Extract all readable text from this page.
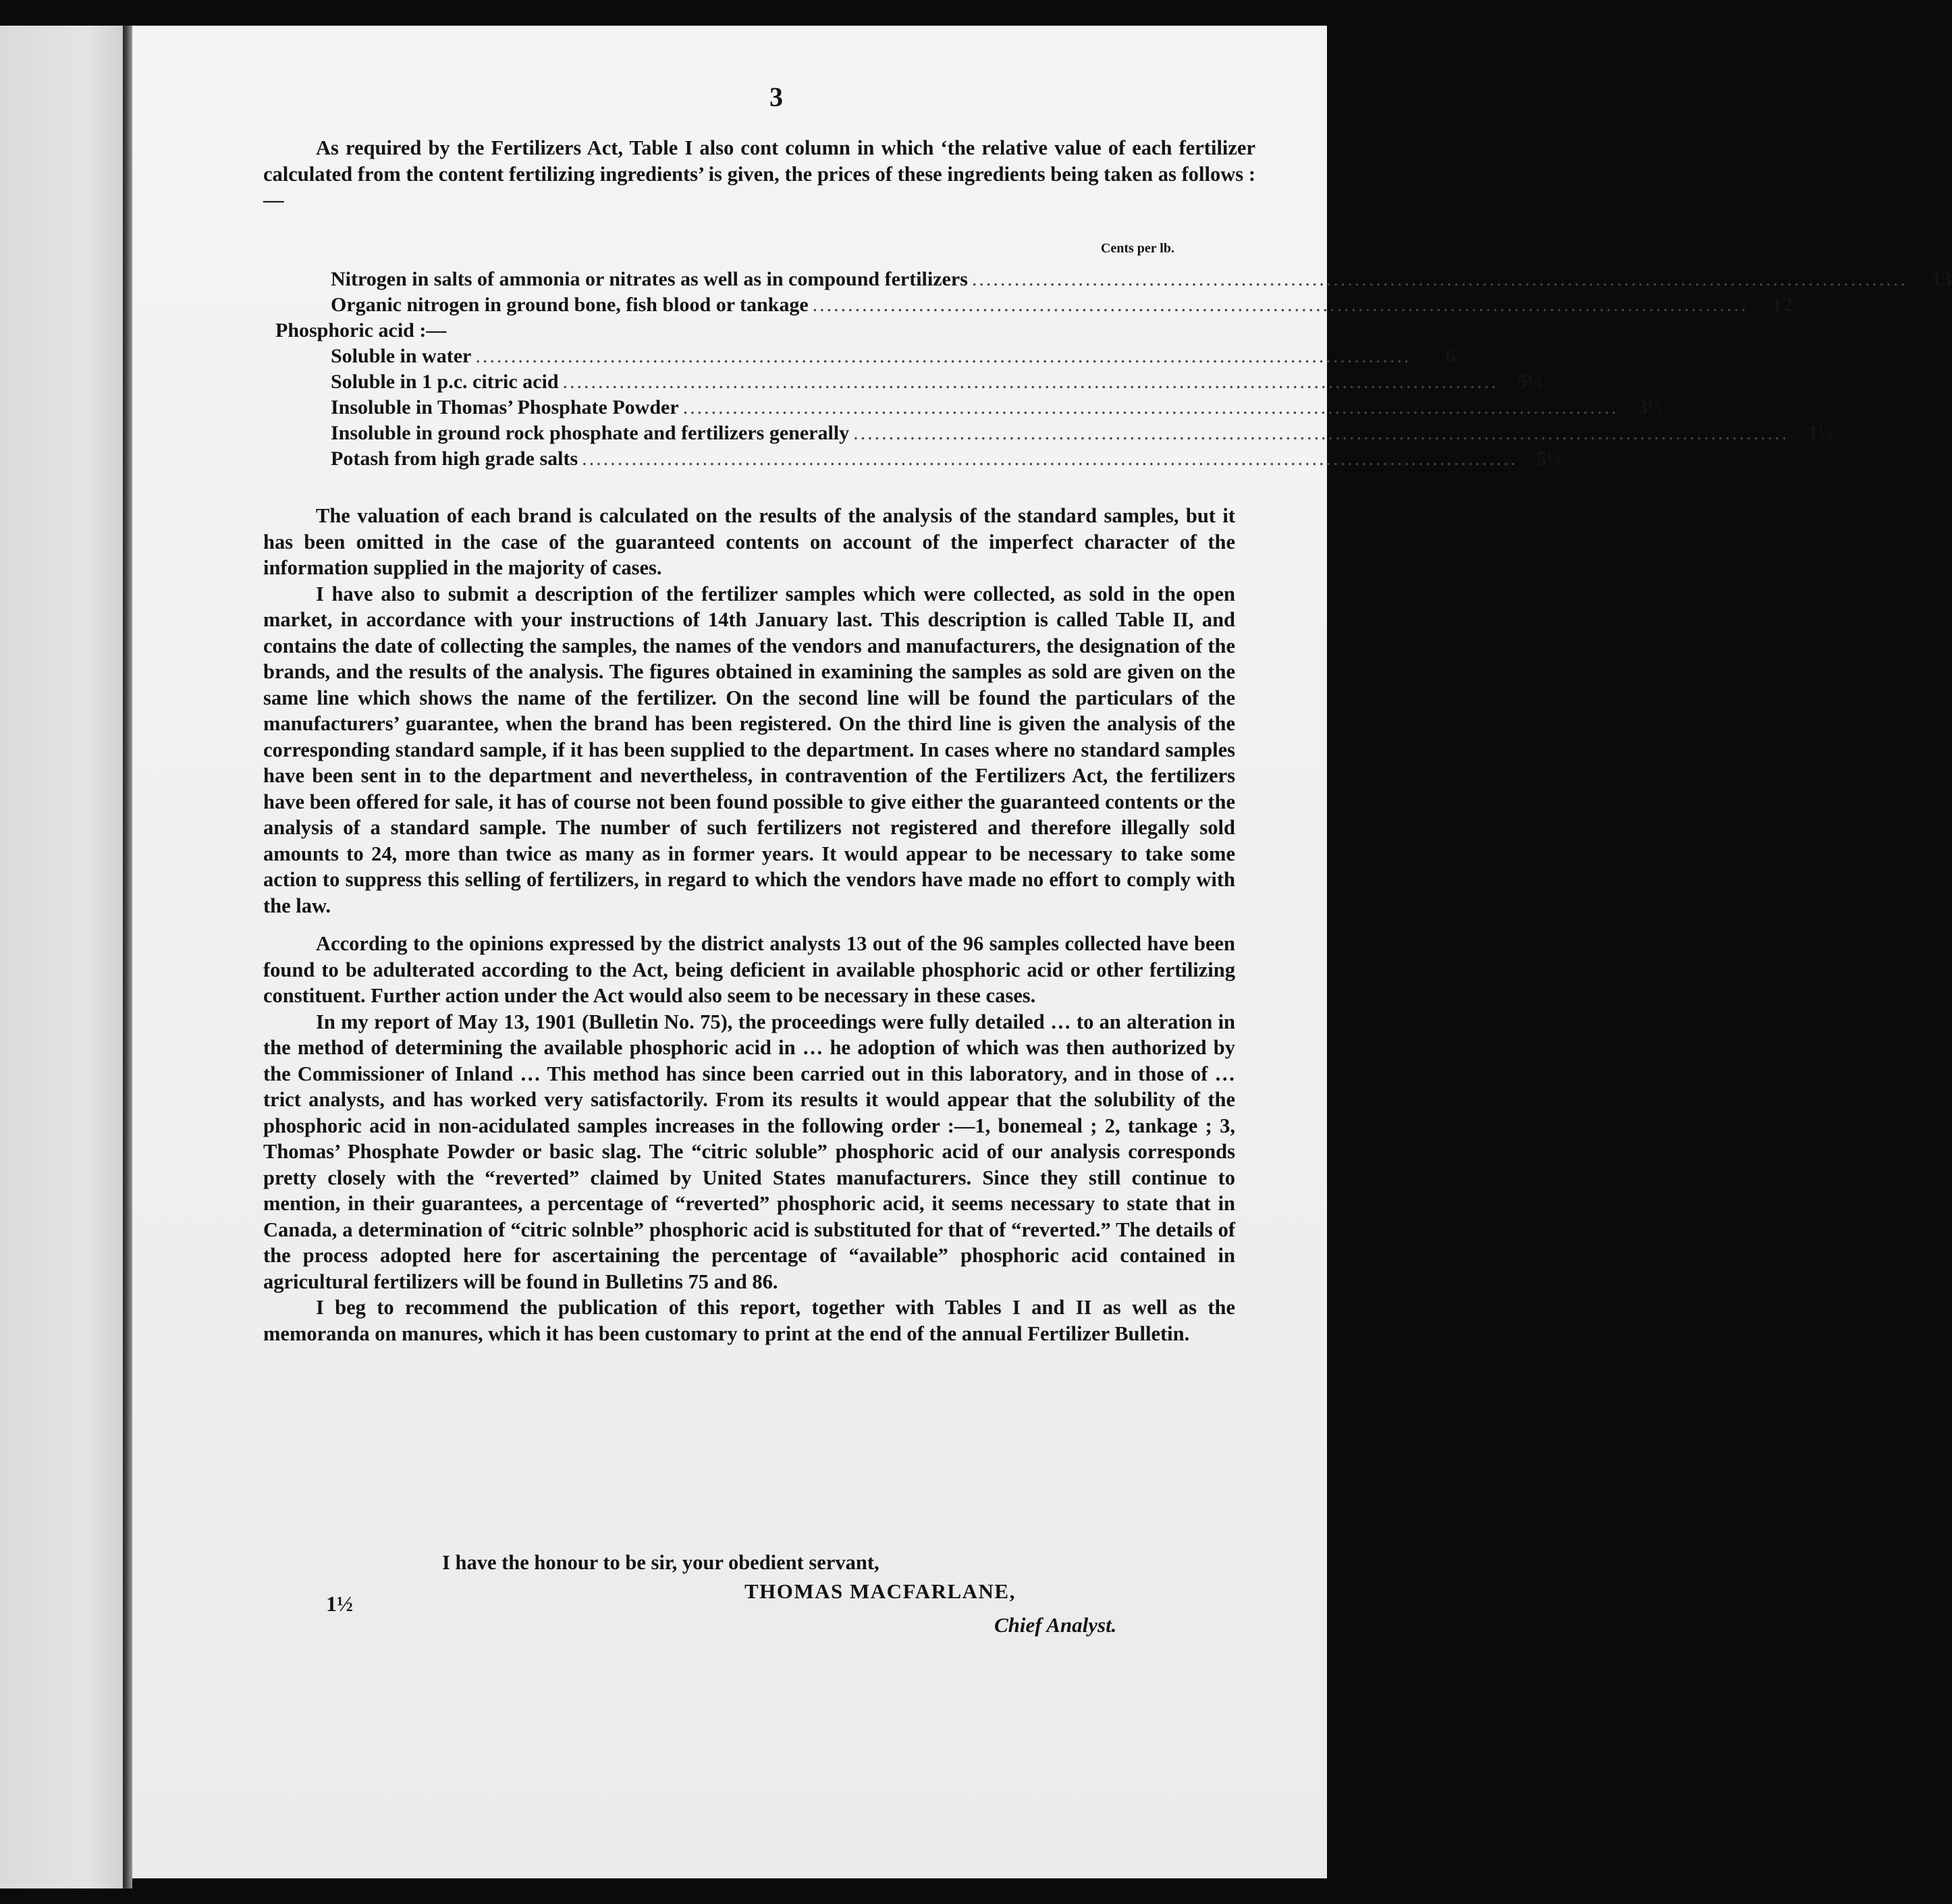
3

As required by the Fertilizers Act, Table I also cont column in which ‘the relative value of each fertilizer calculated from the content fertilizing ingredients’ is given, the prices of these ingredients being taken as follows :—

Cents per lb.
Nitrogen in salts of ammonia or nitrates as well as in compound fertilizers ....................................................................................................................................	13
Organic nitrogen in ground bone, fish blood or tankage ....................................................................................................................................	12
Phosphoric acid :—
Soluble in water ....................................................................................................................................	6
Soluble in 1 p.c. citric acid .................................................................................................................................... 5½
Insoluble in Thomas’ Phosphate Powder .................................................................................................................................... 3½
Insoluble in ground rock phosphate and fertilizers generally .................................................................................................................................... 1½
Potash from high grade salts .................................................................................................................................... 5¼

The valuation of each brand is calculated on the results of the analysis of the standard samples, but it has been omitted in the case of the guaranteed contents on account of the imperfect character of the information supplied in the majority of cases.

I have also to submit a description of the fertilizer samples which were collected, as sold in the open market, in accordance with your instructions of 14th January last. This description is called Table II, and contains the date of collecting the samples, the names of the vendors and manufacturers, the designation of the brands, and the results of the analysis. The figures obtained in examining the samples as sold are given on the same line which shows the name of the fertilizer. On the second line will be found the particulars of the manufacturers’ guarantee, when the brand has been registered. On the third line is given the analysis of the corresponding standard sample, if it has been supplied to the department. In cases where no standard samples have been sent in to the department and nevertheless, in contravention of the Fertilizers Act, the fertilizers have been offered for sale, it has of course not been found possible to give either the guaranteed contents or the analysis of a standard sample. The number of such fertilizers not registered and therefore illegally sold amounts to 24, more than twice as many as in former years. It would appear to be necessary to take some action to suppress this selling of fertilizers, in regard to which the vendors have made no effort to comply with the law.

According to the opinions expressed by the district analysts 13 out of the 96 samples collected have been found to be adulterated according to the Act, being deficient in available phosphoric acid or other fertilizing constituent. Further action under the Act would also seem to be necessary in these cases.

In my report of May 13, 1901 (Bulletin No. 75), the proceedings were fully detailed … to an alteration in the method of determining the available phosphoric acid in … he adoption of which was then authorized by the Commissioner of Inland … This method has since been carried out in this laboratory, and in those of … trict analysts, and has worked very satisfactorily. From its results it would appear that the solubility of the phosphoric acid in non-acidulated samples increases in the following order :—1, bonemeal ; 2, tankage ; 3, Thomas’ Phosphate Powder or basic slag. The “citric soluble” phosphoric acid of our analysis corresponds pretty closely with the “reverted” claimed by United States manufacturers. Since they still continue to mention, in their guarantees, a percentage of “reverted” phosphoric acid, it seems necessary to state that in Canada, a determination of “citric solnble” phosphoric acid is substituted for that of “reverted.” The details of the process adopted here for ascertaining the percentage of “available” phosphoric acid contained in agricultural fertilizers will be found in Bulletins 75 and 86.

I beg to recommend the publication of this report, together with Tables I and II as well as the memoranda on manures, which it has been customary to print at the end of the annual Fertilizer Bulletin.

I have the honour to be sir, your obedient servant,
1½
THOMAS MACFARLANE,
Chief Analyst.
